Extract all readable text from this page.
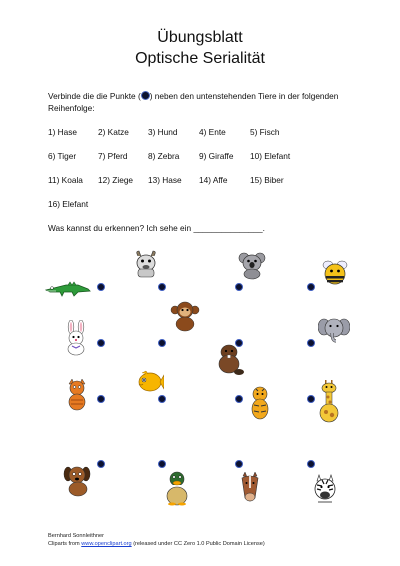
Übungsblatt
Optische Serialität
Verbinde die die Punkte ( ) neben den untenstehenden Tiere in der folgenden Reihenfolge:
1) Hase	2) Katze 3) Hund	4) Ente	5) Fisch
6) Tiger	7) Pferd 8) Zebra 9) Giraffe 10) Elefant
11) Koala 12) Ziege 13) Hase 14) Affe	15) Biber
16) Elefant
Was kannst du erkennen? Ich sehe ein _______________.
Bernhard Sonnleithner
Cliparts from www.openclipart.org (released under CC Zero 1.0 Public Domain License)
